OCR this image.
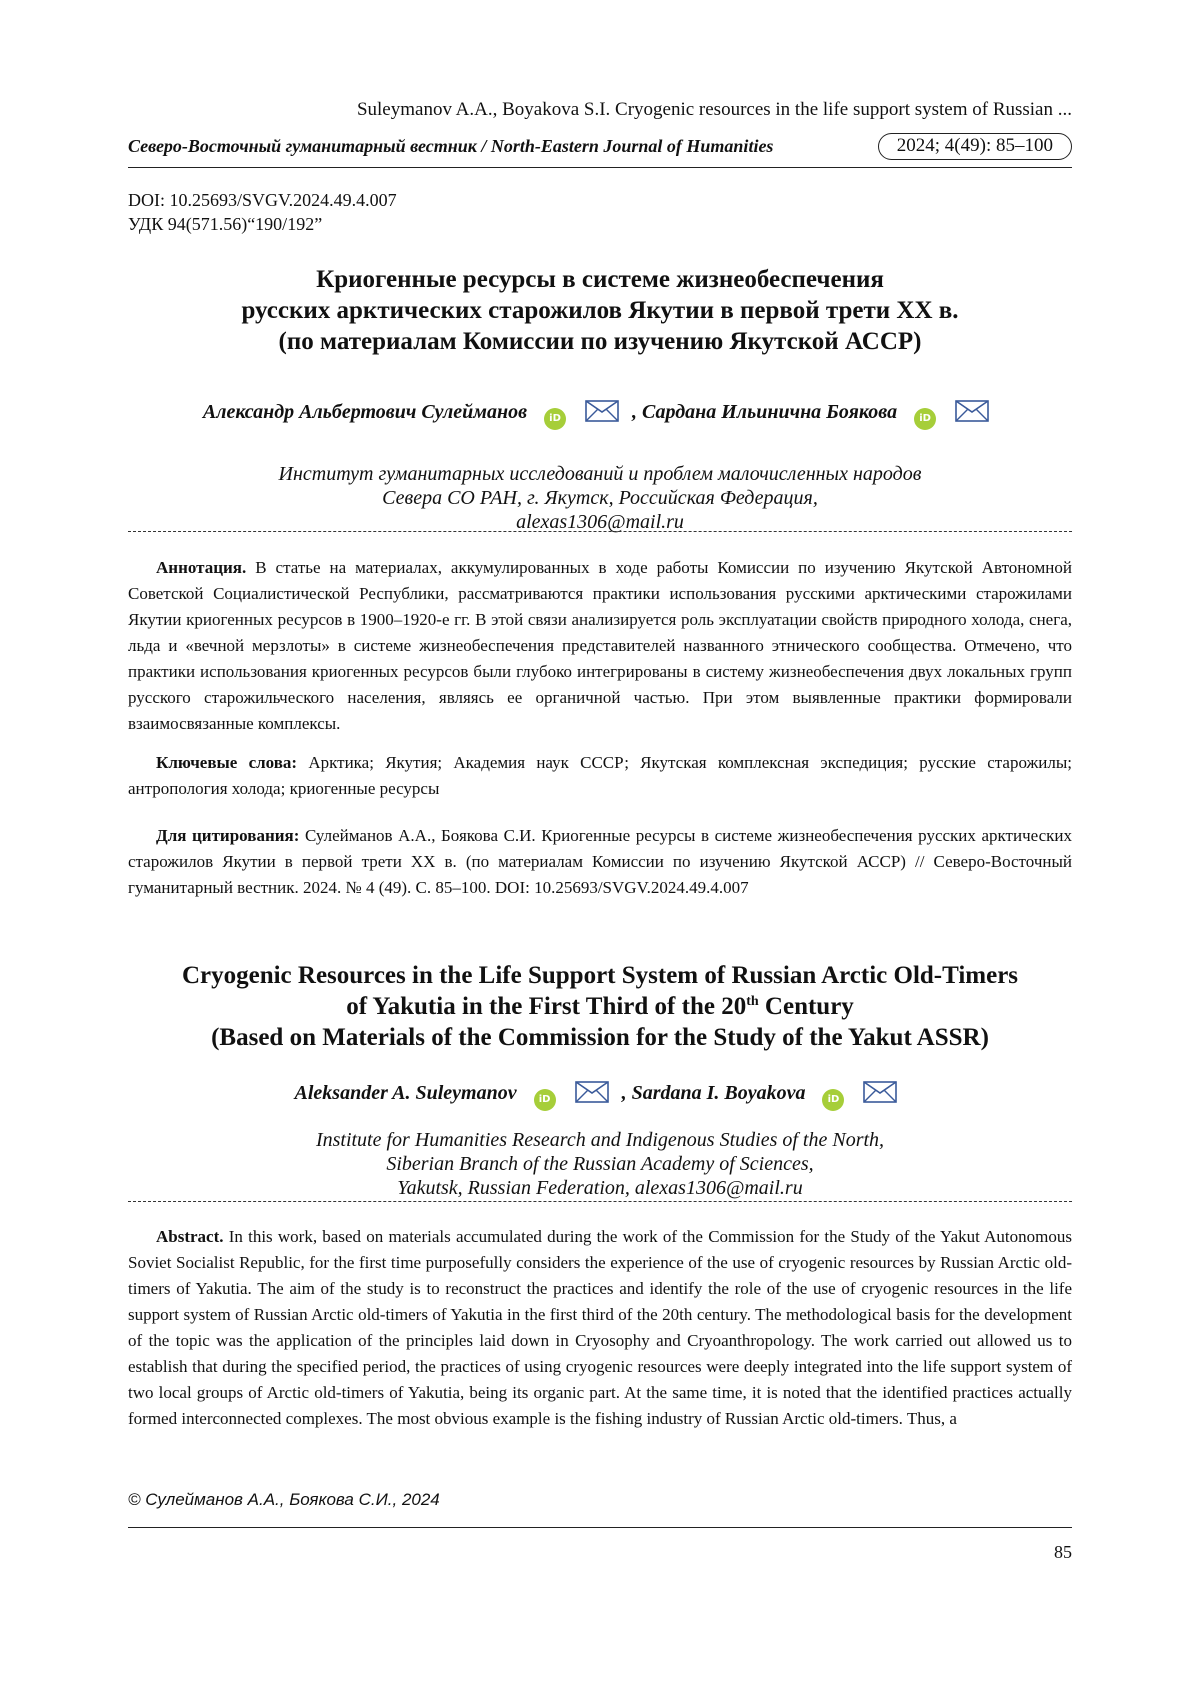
Suleymanov A.A., Boyakova S.I. Cryogenic resources in the life support system of Russian ...
Северо-Восточный гуманитарный вестник / North-Eastern Journal of Humanities	2024; 4(49): 85–100
DOI: 10.25693/SVGV.2024.49.4.007
УДК 94(571.56)“190/192”
Криогенные ресурсы в системе жизнеобеспечения
русских арктических старожилов Якутии в первой трети XX в.
(по материалам Комиссии по изучению Якутской АССР)
Александр Альбертович Сулейманов iD	, Сардана Ильинична Боякова iD
Институт гуманитарных исследований и проблем малочисленных народов
Севера СО РАН, г. Якутск, Российская Федерация,
alexas1306@mail.ru
Аннотация. В статье на материалах, аккумулированных в ходе работы Комиссии по изучению Якутской Автономной Советской Социалистической Республики, рассматриваются практики использования русскими арктическими старожилами Якутии криогенных ресурсов в 1900–1920-е гг. В этой связи анализируется роль эксплуатации свойств природного холода, снега, льда и «вечной мерзлоты» в системе жизнеобеспечения представителей названного этнического сообщества. Отмечено, что практики использования криогенных ресурсов были глубоко интегрированы в систему жизнеобеспечения двух локальных групп русского старожильческого населения, являясь ее органичной частью. При этом выявленные практики формировали взаимосвязанные комплексы.
Ключевые слова: Арктика; Якутия; Академия наук СССР; Якутская комплексная экспедиция; русские старожилы; антропология холода; криогенные ресурсы
Для цитирования: Сулейманов А.А., Боякова С.И. Криогенные ресурсы в системе жизнеобеспечения русских арктических старожилов Якутии в первой трети XX в. (по материалам Комиссии по изучению Якутской АССР) // Северо-Восточный гуманитарный вестник. 2024. № 4 (49). С. 85–100. DOI: 10.25693/SVGV.2024.49.4.007
Cryogenic Resources in the Life Support System of Russian Arctic Old-Timers
of Yakutia in the First Third of the 20th Century
(Based on Materials of the Commission for the Study of the Yakut ASSR)
Aleksander A. Suleymanov iD	, Sardana I. Boyakova iD
Institute for Humanities Research and Indigenous Studies of the North,
Siberian Branch of the Russian Academy of Sciences,
Yakutsk, Russian Federation, alexas1306@mail.ru
Abstract. In this work, based on materials accumulated during the work of the Commission for the Study of the Yakut Autonomous Soviet Socialist Republic, for the first time purposefully considers the experience of the use of cryogenic resources by Russian Arctic old-timers of Yakutia. The aim of the study is to reconstruct the practices and identify the role of the use of cryogenic resources in the life support system of Russian Arctic old-timers of Yakutia in the first third of the 20th century. The methodological basis for the development of the topic was the application of the principles laid down in Cryosophy and Cryoanthropology. The work carried out allowed us to establish that during the specified period, the practices of using cryogenic resources were deeply integrated into the life support system of two local groups of Arctic old-timers of Yakutia, being its organic part. At the same time, it is noted that the identified practices actually formed interconnected complexes. The most obvious example is the fishing industry of Russian Arctic old-timers. Thus, a
© Сулейманов А.А., Боякова С.И., 2024
85
